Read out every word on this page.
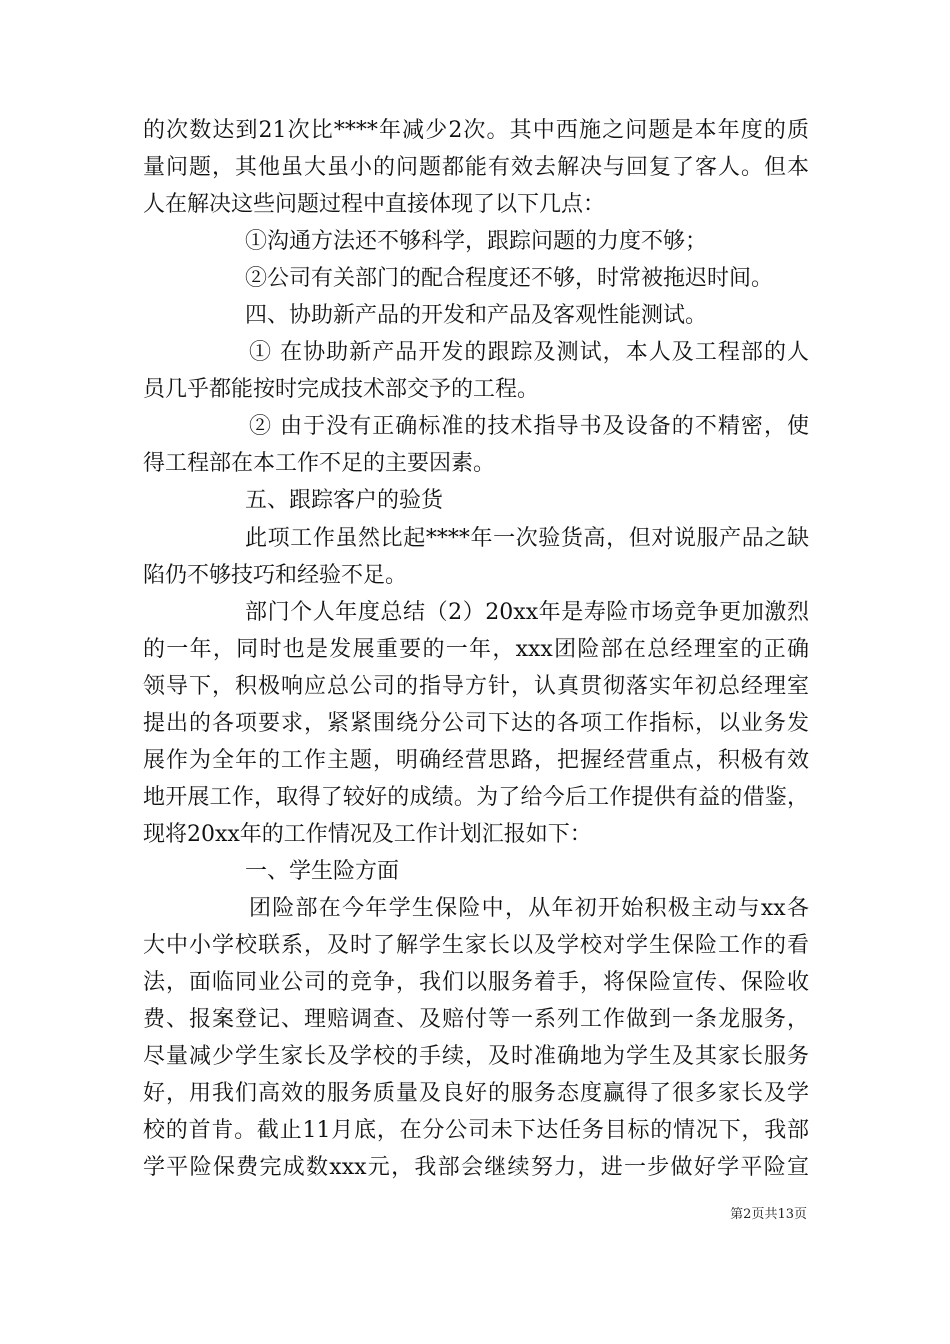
的次数达到21次比****年减少2次。其中西施之问题是本年度的质
量问题，其他虽大虽小的问题都能有效去解决与回复了客人。但本
人在解决这些问题过程中直接体现了以下几点：
①沟通方法还不够科学，跟踪问题的力度不够；
②公司有关部门的配合程度还不够，时常被拖迟时间。
四、协助新产品的开发和产品及客观性能测试。
① 在协助新产品开发的跟踪及测试，本人及工程部的人
员几乎都能按时完成技术部交予的工程。
② 由于没有正确标准的技术指导书及设备的不精密，使
得工程部在本工作不足的主要因素。
五、跟踪客户的验货
此项工作虽然比起****年一次验货高，但对说服产品之缺
陷仍不够技巧和经验不足。
部门个人年度总结（2）20xx年是寿险市场竞争更加激烈
的一年，同时也是发展重要的一年，xxx团险部在总经理室的正确
领导下，积极响应总公司的指导方针，认真贯彻落实年初总经理室
提出的各项要求，紧紧围绕分公司下达的各项工作指标，以业务发
展作为全年的工作主题，明确经营思路，把握经营重点，积极有效
地开展工作，取得了较好的成绩。为了给今后工作提供有益的借鉴，
现将20xx年的工作情况及工作计划汇报如下：
一、学生险方面
团险部在今年学生保险中，从年初开始积极主动与xx各
大中小学校联系，及时了解学生家长以及学校对学生保险工作的看
法，面临同业公司的竞争，我们以服务着手，将保险宣传、保险收
费、报案登记、理赔调查、及赔付等一系列工作做到一条龙服务，
尽量减少学生家长及学校的手续，及时准确地为学生及其家长服务
好，用我们高效的服务质量及良好的服务态度赢得了很多家长及学
校的首肯。截止11月底，在分公司未下达任务目标的情况下，我部
学平险保费完成数xxx元，我部会继续努力，进一步做好学平险宣
第2页共13页
